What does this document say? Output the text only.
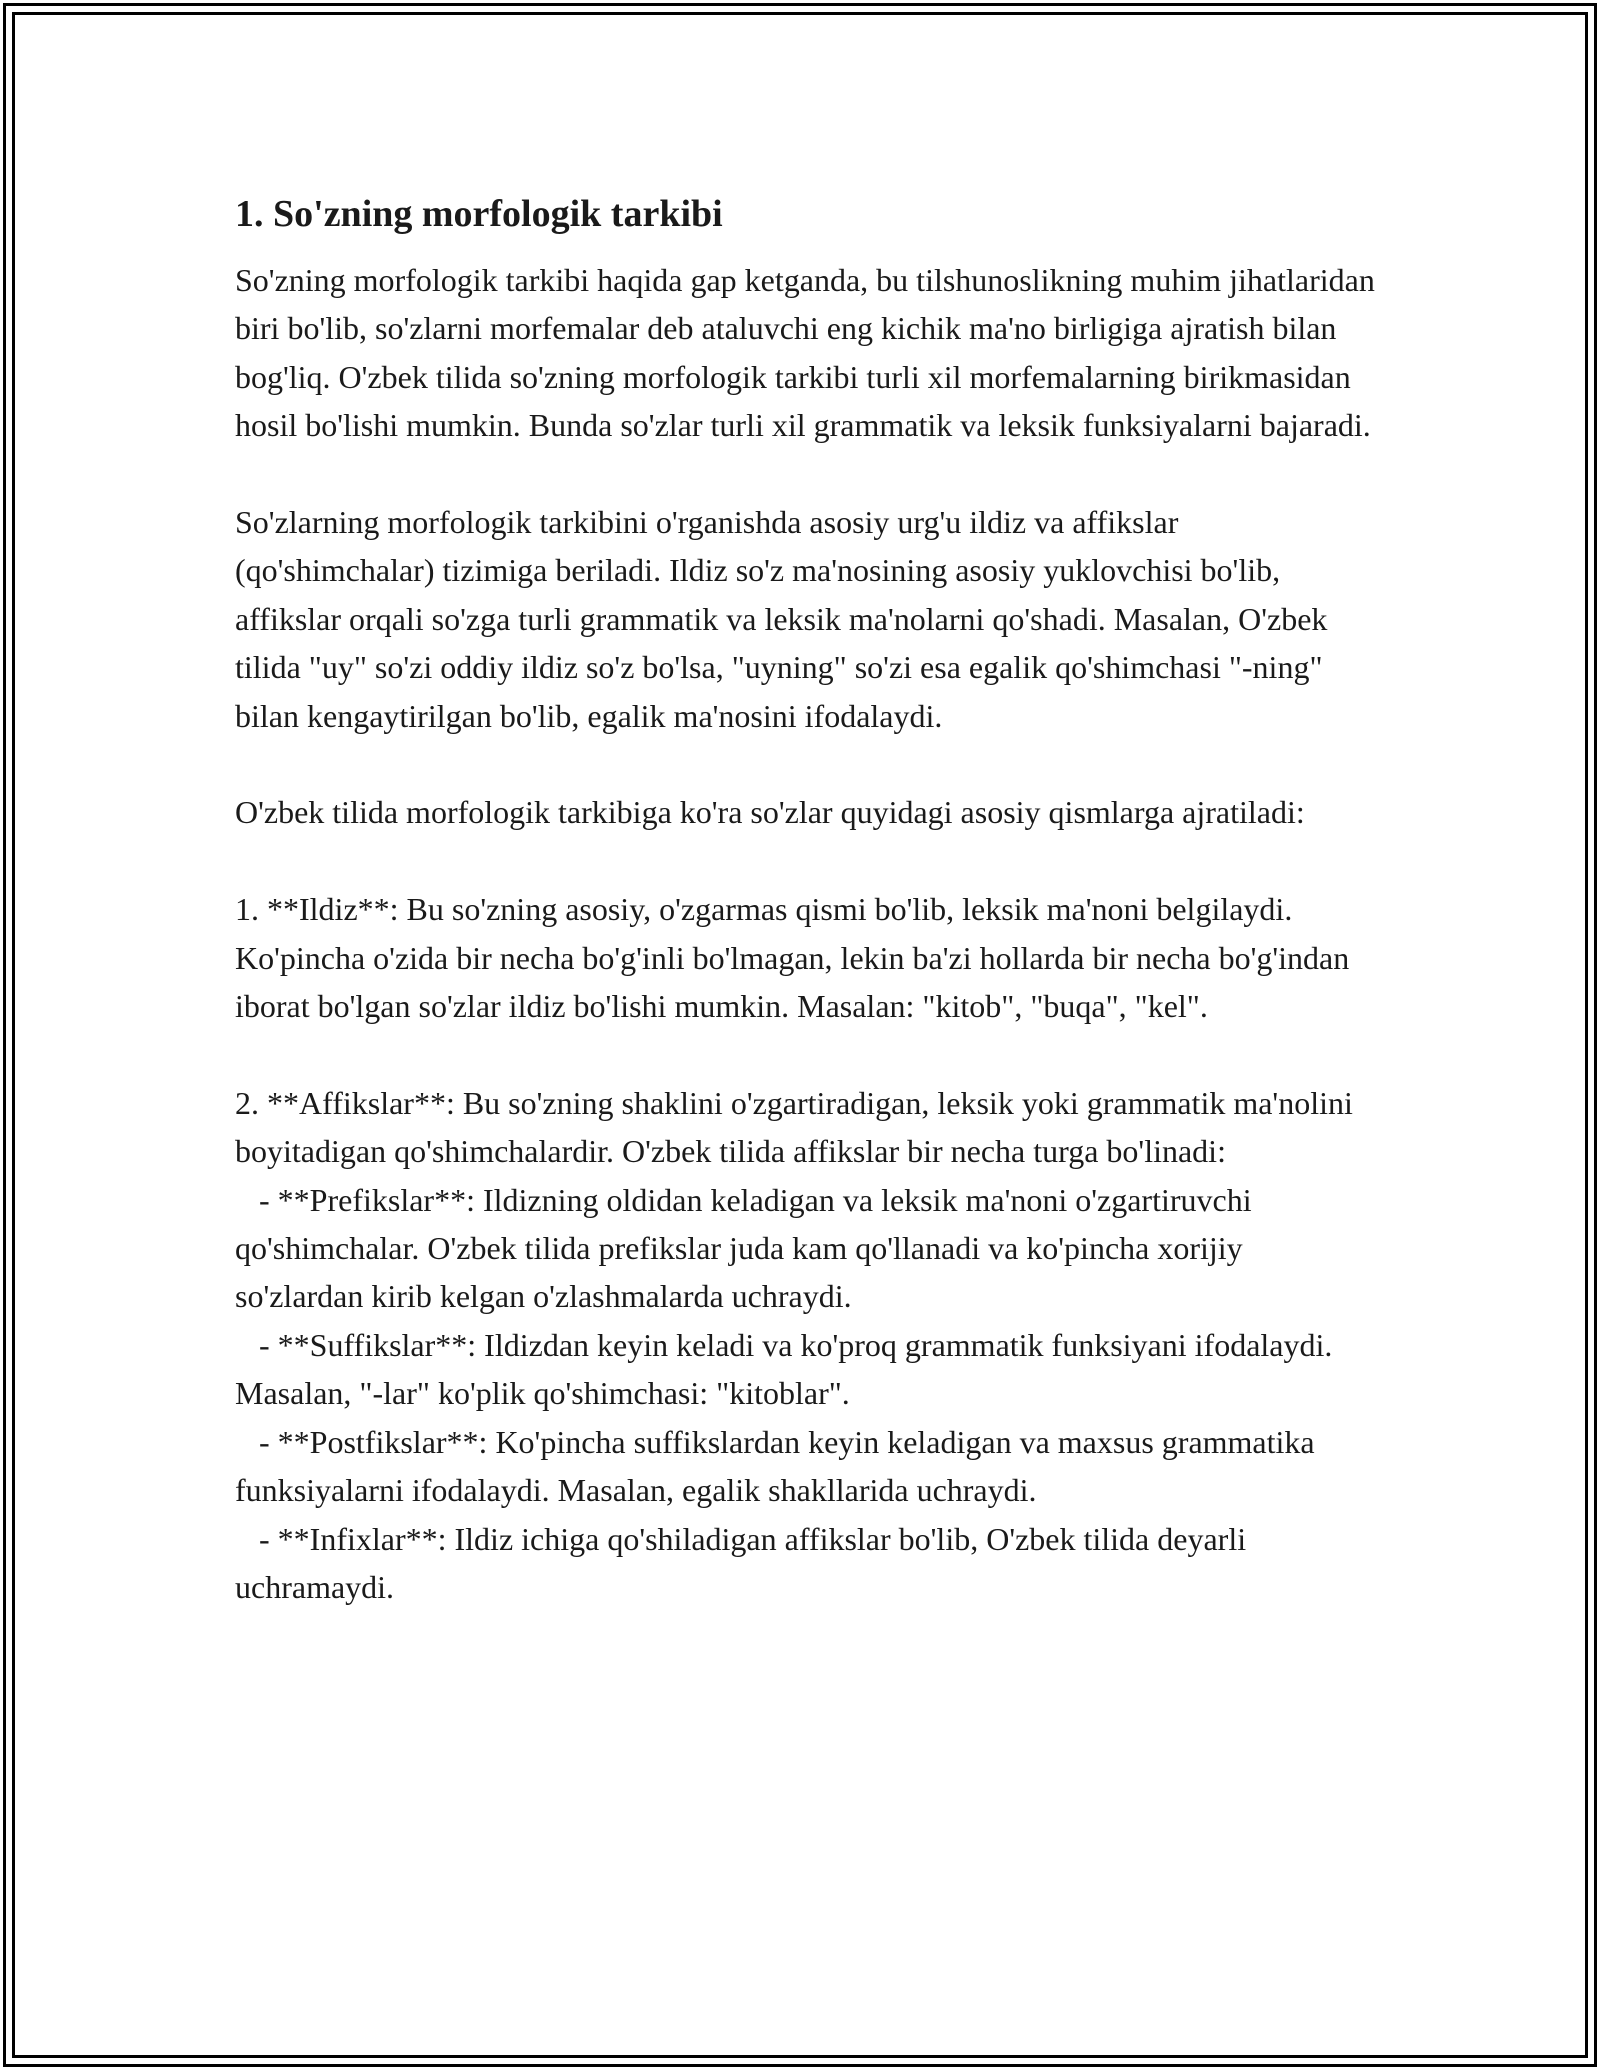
1. So'zning morfologik tarkibi

So'zning morfologik tarkibi haqida gap ketganda, bu tilshunoslikning muhim jihatlaridan biri bo'lib, so'zlarni morfemalar deb ataluvchi eng kichik ma'no birligiga ajratish bilan bog'liq. O'zbek tilida so'zning morfologik tarkibi turli xil morfemalarning birikmasidan hosil bo'lishi mumkin. Bunda so'zlar turli xil grammatik va leksik funksiyalarni bajaradi.

So'zlarning morfologik tarkibini o'rganishda asosiy urg'u ildiz va affikslar (qo'shimchalar) tizimiga beriladi. Ildiz so'z ma'nosining asosiy yuklovchisi bo'lib, affikslar orqali so'zga turli grammatik va leksik ma'nolarni qo'shadi. Masalan, O'zbek tilida "uy" so'zi oddiy ildiz so'z bo'lsa, "uyning" so'zi esa egalik qo'shimchasi "-ning" bilan kengaytirilgan bo'lib, egalik ma'nosini ifodalaydi.

O'zbek tilida morfologik tarkibiga ko'ra so'zlar quyidagi asosiy qismlarga ajratiladi:

1. **Ildiz**: Bu so'zning asosiy, o'zgarmas qismi bo'lib, leksik ma'noni belgilaydi. Ko'pincha o'zida bir necha bo'g'inli bo'lmagan, lekin ba'zi hollarda bir necha bo'g'indan iborat bo'lgan so'zlar ildiz bo'lishi mumkin. Masalan: "kitob", "buqa", "kel".

2. **Affikslar**: Bu so'zning shaklini o'zgartiradigan, leksik yoki grammatik ma'nolini boyitadigan qo'shimchalardir. O'zbek tilida affikslar bir necha turga bo'linadi:

- **Prefikslar**: Ildizning oldidan keladigan va leksik ma'noni o'zgartiruvchi qo'shimchalar. O'zbek tilida prefikslar juda kam qo'llanadi va ko'pincha xorijiy so'zlardan kirib kelgan o'zlashmalarda uchraydi.

- **Suffikslar**: Ildizdan keyin keladi va ko'proq grammatik funksiyani ifodalaydi. Masalan, "-lar" ko'plik qo'shimchasi: "kitoblar".

- **Postfikslar**: Ko'pincha suffikslardan keyin keladigan va maxsus grammatika funksiyalarni ifodalaydi. Masalan, egalik shakllarida uchraydi.

- **Infixlar**: Ildiz ichiga qo'shiladigan affikslar bo'lib, O'zbek tilida deyarli uchramaydi.
